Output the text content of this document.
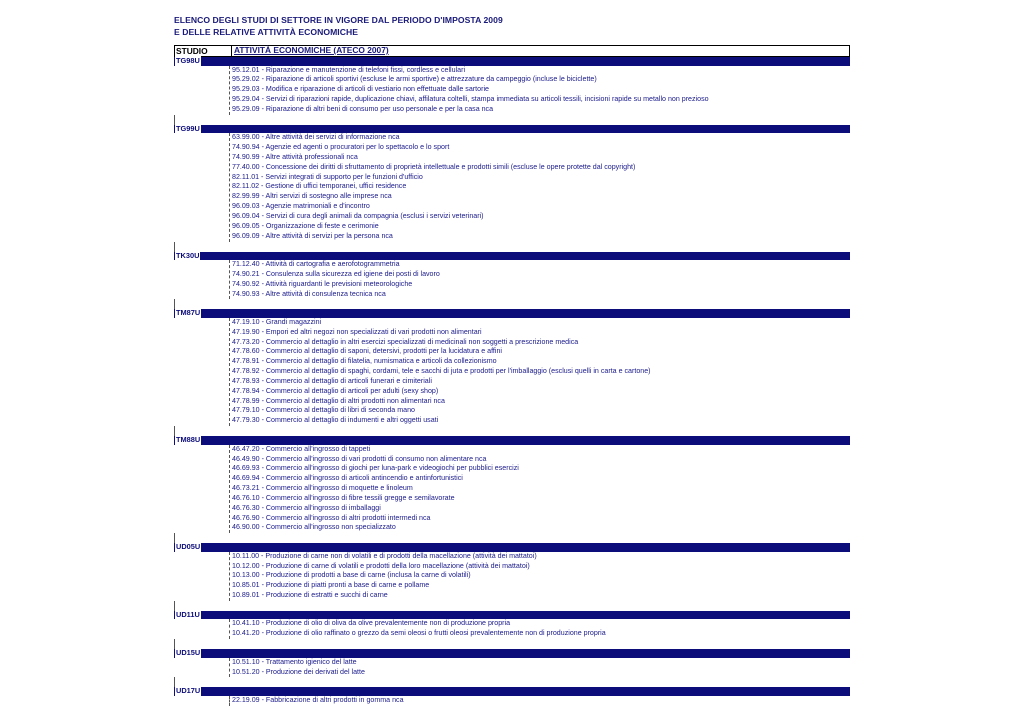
ELENCO DEGLI STUDI DI SETTORE IN VIGORE DAL PERIODO D'IMPOSTA 2009
E DELLE RELATIVE ATTIVITÀ ECONOMICHE
STUDIO	ATTIVITÀ ECONOMICHE (ATECO 2007)
TG98U
95.12.01 - Riparazione e manutenzione di telefoni fissi, cordless e cellulari
95.29.02 - Riparazione di articoli sportivi (escluse le armi sportive) e attrezzature da campeggio (incluse le biciclette)
95.29.03 - Modifica e riparazione di articoli di vestiario non effettuate dalle sartorie
95.29.04 - Servizi di riparazioni rapide, duplicazione chiavi, affilatura coltelli, stampa immediata su articoli tessili, incisioni rapide su metallo non prezioso
95.29.09 - Riparazione di altri beni di consumo per uso personale e per la casa nca
TG99U
63.99.00 - Altre attività dei servizi di informazione nca
74.90.94 - Agenzie ed agenti o procuratori per lo spettacolo e lo sport
74.90.99 - Altre attività professionali nca
77.40.00 - Concessione dei diritti di sfruttamento di proprietà intellettuale e prodotti simili (escluse le opere protette dal copyright)
82.11.01 - Servizi integrati di supporto per le funzioni d'ufficio
82.11.02 - Gestione di uffici temporanei, uffici residence
82.99.99 - Altri servizi di sostegno alle imprese nca
96.09.03 - Agenzie matrimoniali e d'incontro
96.09.04 - Servizi di cura degli animali da compagnia (esclusi i servizi veterinari)
96.09.05 - Organizzazione di feste e cerimonie
96.09.09 - Altre attività di servizi per la persona nca
TK30U
71.12.40 - Attività di cartografia e aerofotogrammetria
74.90.21 - Consulenza sulla sicurezza ed igiene dei posti di lavoro
74.90.92 - Attività riguardanti le previsioni meteorologiche
74.90.93 - Altre attività di consulenza tecnica nca
TM87U
47.19.10 - Grandi magazzini
47.19.90 - Empori ed altri negozi non specializzati di vari prodotti non alimentari
47.73.20 - Commercio al dettaglio in altri esercizi specializzati di medicinali non soggetti a prescrizione medica
47.78.60 - Commercio al dettaglio di saponi, detersivi, prodotti per la lucidatura e affini
47.78.91 - Commercio al dettaglio di filatelia, numismatica e articoli da collezionismo
47.78.92 - Commercio al dettaglio di spaghi, cordami, tele e sacchi di juta e prodotti per l'imballaggio (esclusi quelli in carta e cartone)
47.78.93 - Commercio al dettaglio di articoli funerari e cimiteriali
47.78.94 - Commercio al dettaglio di articoli per adulti (sexy shop)
47.78.99 - Commercio al dettaglio di altri prodotti non alimentari nca
47.79.10 - Commercio al dettaglio di libri di seconda mano
47.79.30 - Commercio al dettaglio di indumenti e altri oggetti usati
TM88U
46.47.20 - Commercio all'ingrosso di tappeti
46.49.90 - Commercio all'ingrosso di vari prodotti di consumo non alimentare nca
46.69.93 - Commercio all'ingrosso di giochi per luna-park e videogiochi per pubblici esercizi
46.69.94 - Commercio all'ingrosso di articoli antincendio e antinfortunistici
46.73.21 - Commercio all'ingrosso di moquette e linoleum
46.76.10 - Commercio all'ingrosso di fibre tessili gregge e semilavorate
46.76.30 - Commercio all'ingrosso di imballaggi
46.76.90 - Commercio all'ingrosso di altri prodotti intermedi nca
46.90.00 - Commercio all'ingrosso non specializzato
UD05U
10.11.00 - Produzione di carne non di volatili e di prodotti della macellazione (attività dei mattatoi)
10.12.00 - Produzione di carne di volatili e prodotti della loro macellazione (attività dei mattatoi)
10.13.00 - Produzione di prodotti a base di carne (inclusa la carne di volatili)
10.85.01 - Produzione di piatti pronti a base di carne e pollame
10.89.01 - Produzione di estratti e succhi di carne
UD11U
10.41.10 - Produzione di olio di oliva da olive prevalentemente non di produzione propria
10.41.20 - Produzione di olio raffinato o grezzo da semi oleosi o frutti oleosi prevalentemente non di produzione propria
UD15U
10.51.10 - Trattamento igienico del latte
10.51.20 - Produzione dei derivati del latte
UD17U
22.19.09 - Fabbricazione di altri prodotti in gomma nca
